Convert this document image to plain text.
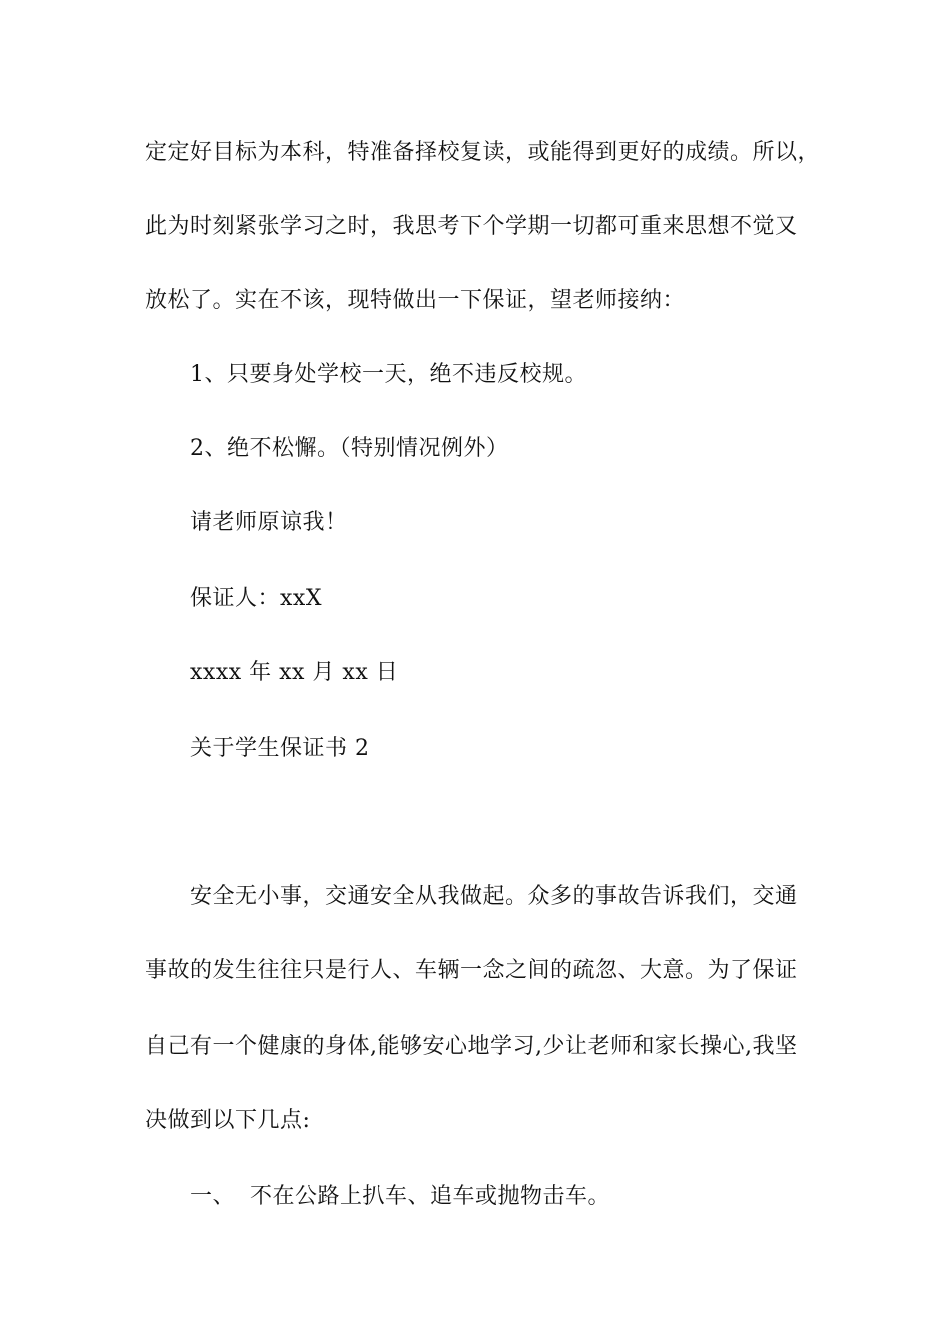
定定好目标为本科，特准备择校复读，或能得到更好的成绩。所以，
此为时刻紧张学习之时，我思考下个学期一切都可重来思想不觉又
放松了。实在不该，现特做出一下保证，望老师接纳：
1、只要身处学校一天，绝不违反校规。
2、绝不松懈。（特别情况例外）
请老师原谅我！
保证人：xxX
xxxx 年 xx 月 xx 日
关于学生保证书 2
安全无小事，交通安全从我做起。众多的事故告诉我们，交通
事故的发生往往只是行人、车辆一念之间的疏忽、大意。为了保证
自己有一个健康的身体,能够安心地学习,少让老师和家长操心,我坚
决做到以下几点:
一、  不在公路上扒车、追车或抛物击车。
